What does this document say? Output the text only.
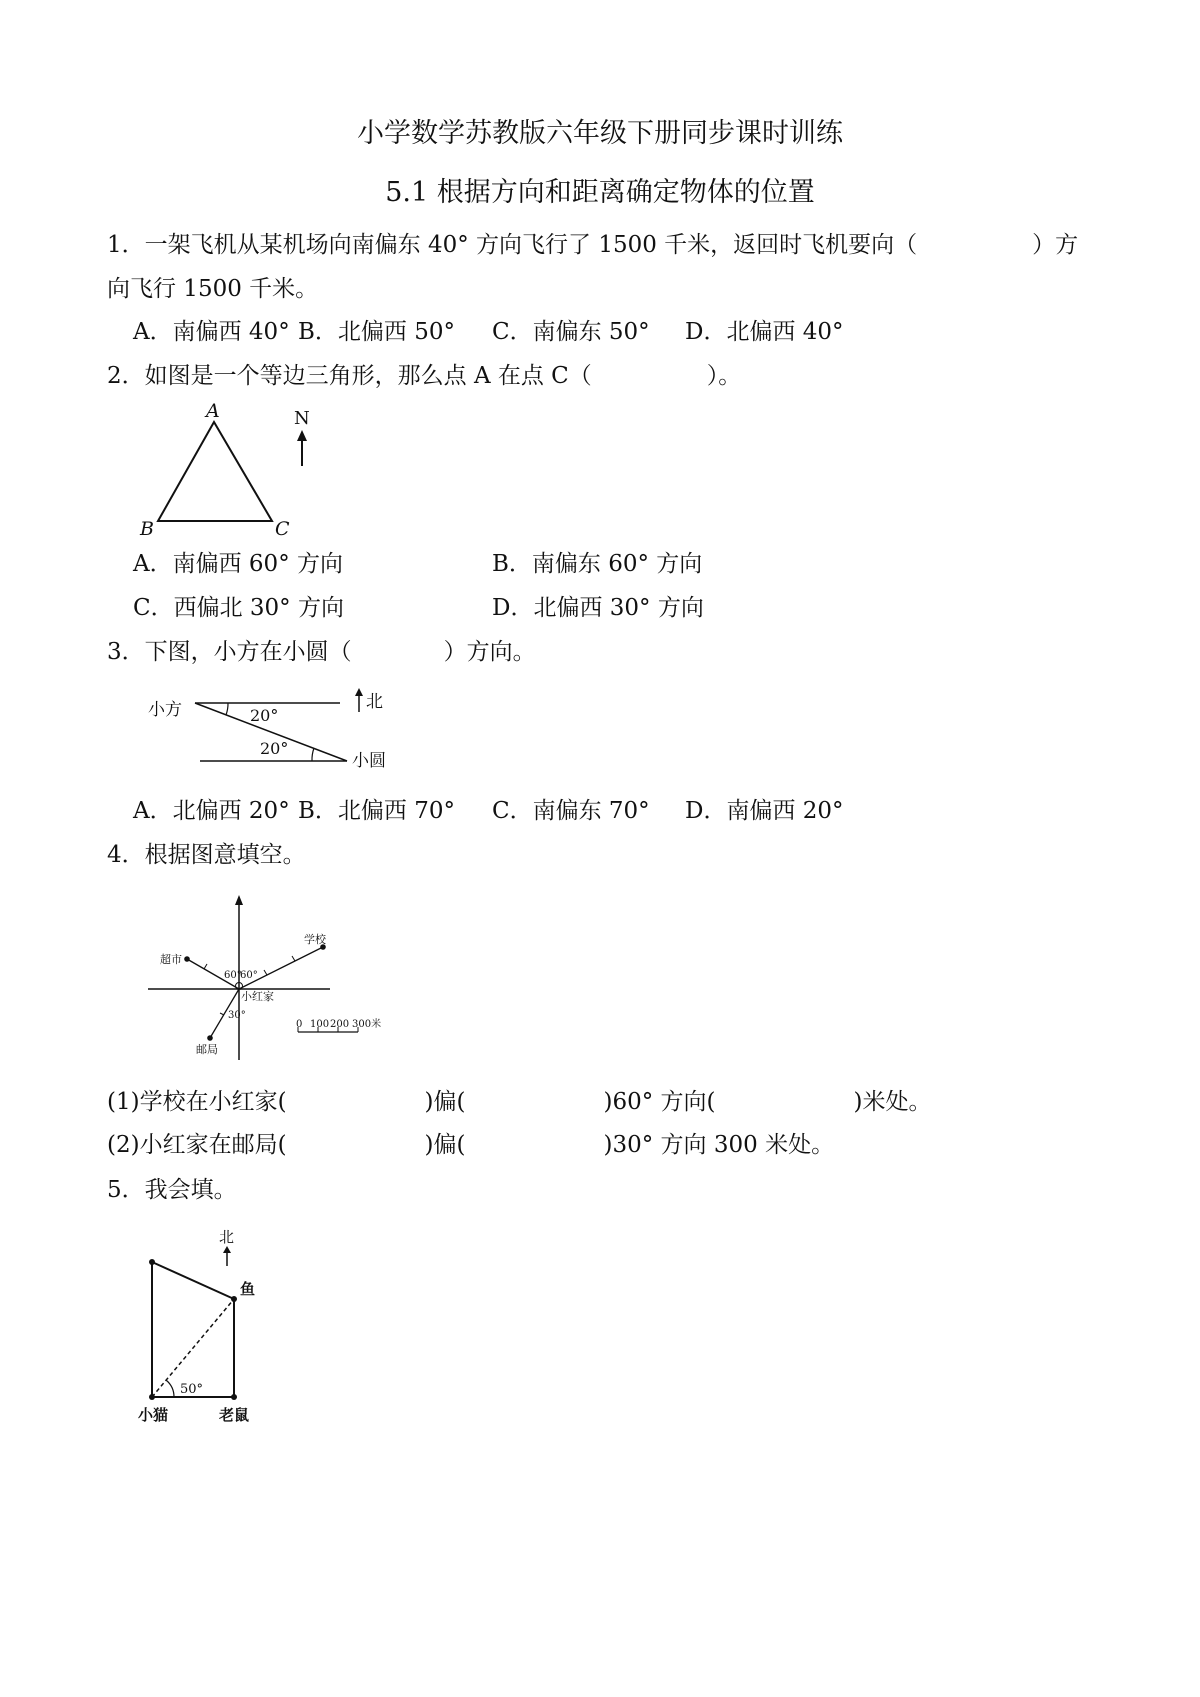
小学数学苏教版六年级下册同步课时训练
5.1 根据方向和距离确定物体的位置
1．一架飞机从某机场向南偏东 40° 方向飞行了 1500 千米，返回时飞机要向（　　　　　）方
向飞行 1500 千米。
A．南偏西 40° B．北偏西 50° C．南偏东 50° D．北偏西 40°
2．如图是一个等边三角形，那么点 A 在点 C（　　　　　）。
A
B	C
N
A．南偏西 60° 方向	B．南偏东 60° 方向
C．西偏北 30° 方向	D．北偏西 30° 方向
3．下图，小方在小圆（　　　　）方向。
小方	20°
20°
北
小圆
A．北偏西 20° B．北偏西 70° C．南偏东 70° D．南偏西 20°
4．根据图意填空。
学校
超市
60°
60°
小红家
30°
邮局
0 100 200 300米
(1)学校在小红家(　　　　　　)偏(　　　　　　)60° 方向(　　　　　　)米处。
(2)小红家在邮局(　　　　　　)偏(　　　　　　)30° 方向 300 米处。
5．我会填。
北
50°
鱼
小猫	老鼠
